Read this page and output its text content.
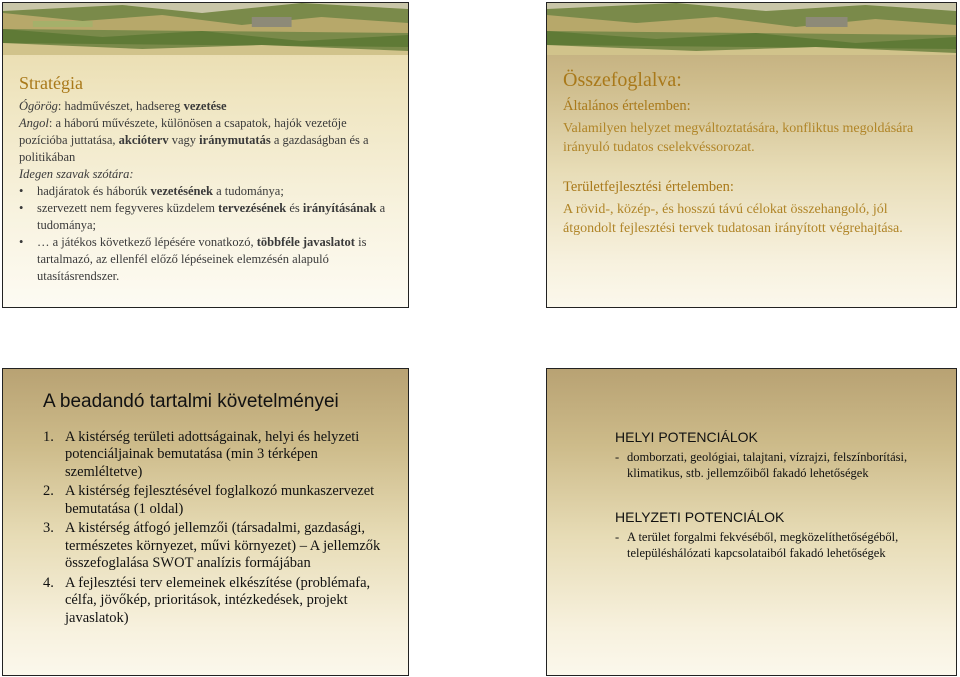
Stratégia

Ógörög: hadművészet, hadsereg vezetése

Angol: a háború művészete, különösen a csapatok, hajók vezetője pozícióba juttatása, akcióterv vagy iránymutatás a gazdaságban és a politikában

Idegen szavak szótára:

•	hadjáratok és háborúk vezetésének a tudománya;
•	szervezett nem fegyveres küzdelem tervezésének és irányításának a tudománya;
•	… a játékos következő lépésére vonatkozó, többféle javaslatot is tartalmazó, az ellenfél előző lépéseinek elemzésén alapuló utasításrendszer.
Összefoglalva:
Általános értelemben:
Valamilyen helyzet megváltoztatására, konfliktus megoldására irányuló tudatos cselekvéssorozat.
Területfejlesztési értelemben:
A rövid-, közép-, és hosszú távú célokat összehangoló, jól átgondolt fejlesztési tervek tudatosan irányított végrehajtása.
A beadandó tartalmi követelményei
1. A kistérség területi adottságainak, helyi és helyzeti potenciáljainak bemutatása (min 3 térképen szemléltetve)
2. A kistérség fejlesztésével foglalkozó munkaszervezet bemutatása (1 oldal)
3. A kistérség átfogó jellemzői (társadalmi, gazdasági, természetes környezet, művi környezet) – A jellemzők összefoglalása SWOT analízis formájában
4. A fejlesztési terv elemeinek elkészítése (problémafa, célfa, jövőkép, prioritások, intézkedések, projekt javaslatok)
HELYI POTENCIÁLOK
- domborzati, geológiai, talajtani, vízrajzi, felszínborítási, klimatikus, stb. jellemzőiből fakadó lehetőségek
HELYZETI POTENCIÁLOK
- A terület forgalmi fekvéséből, megközelíthetőségéből, településhálózati kapcsolataiból fakadó lehetőségek
